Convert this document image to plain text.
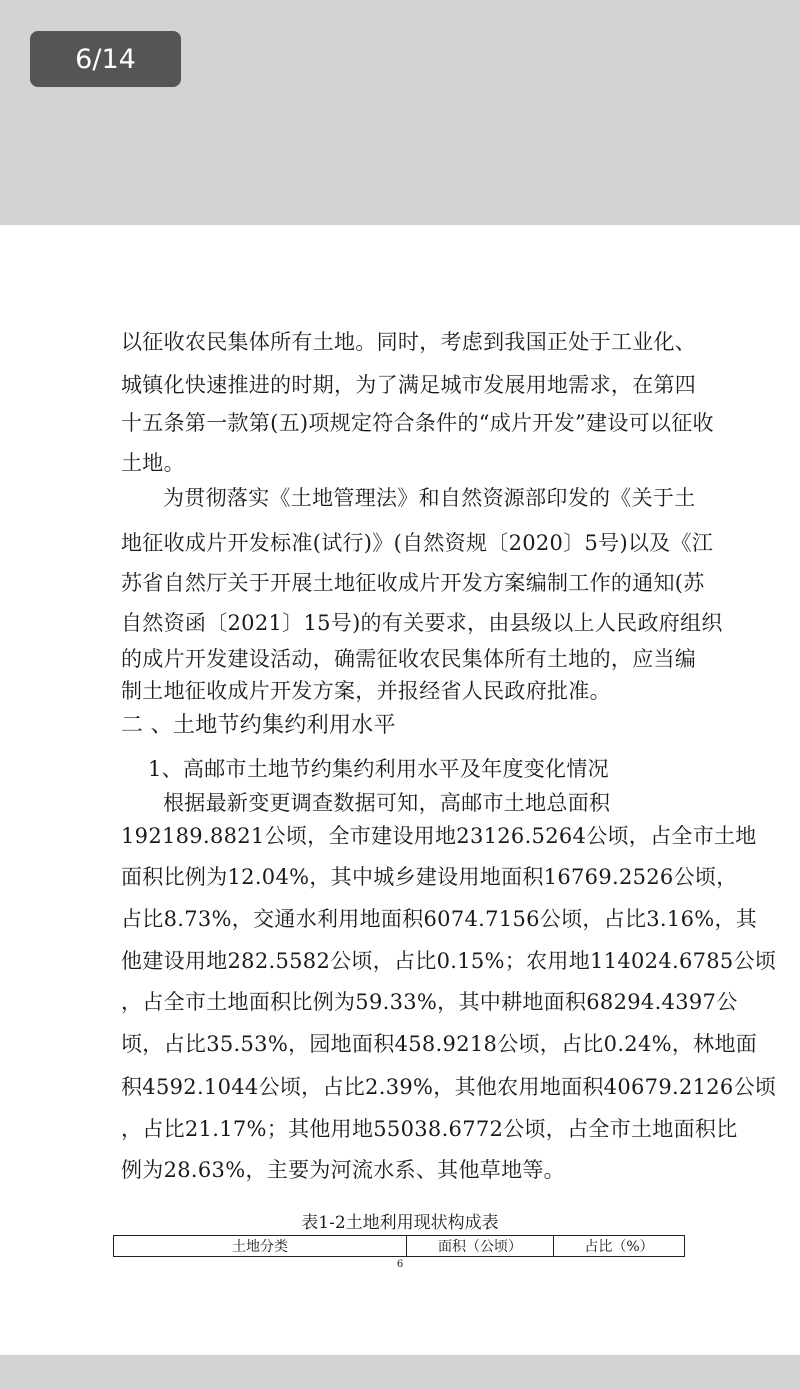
6/14
以征收农民集体所有土地。同时，考虑到我国正处于工业化、
城镇化快速推进的时期，为了满足城市发展用地需求，在第四
十五条第一款第(五)项规定符合条件的“成片开发”建设可以征收
土地。
为贯彻落实《土地管理法》和自然资源部印发的《关于土
地征收成片开发标准(试行)》(自然资规〔2020〕5号)以及《江
苏省自然厅关于开展土地征收成片开发方案编制工作的通知(苏
自然资函〔2021〕15号)的有关要求，由县级以上人民政府组织
的成片开发建设活动，确需征收农民集体所有土地的，应当编
制土地征收成片开发方案，并报经省人民政府批准。
二 、土地节约集约利用水平
1、高邮市土地节约集约利用水平及年度变化情况
根据最新变更调查数据可知，高邮市土地总面积
192189.8821公顷，全市建设用地23126.5264公顷，占全市土地
面积比例为12.04%，其中城乡建设用地面积16769.2526公顷，
占比8.73%，交通水利用地面积6074.7156公顷，占比3.16%，其
他建设用地282.5582公顷，占比0.15%；农用地114024.6785公顷
，占全市土地面积比例为59.33%，其中耕地面积68294.4397公
顷，占比35.53%，园地面积458.9218公顷，占比0.24%，林地面
积4592.1044公顷，占比2.39%，其他农用地面积40679.2126公顷
，占比21.17%；其他用地55038.6772公顷，占全市土地面积比
例为28.63%，主要为河流水系、其他草地等。
表1-2土地利用现状构成表
土地分类	面积（公顷）	占比（%）
6
